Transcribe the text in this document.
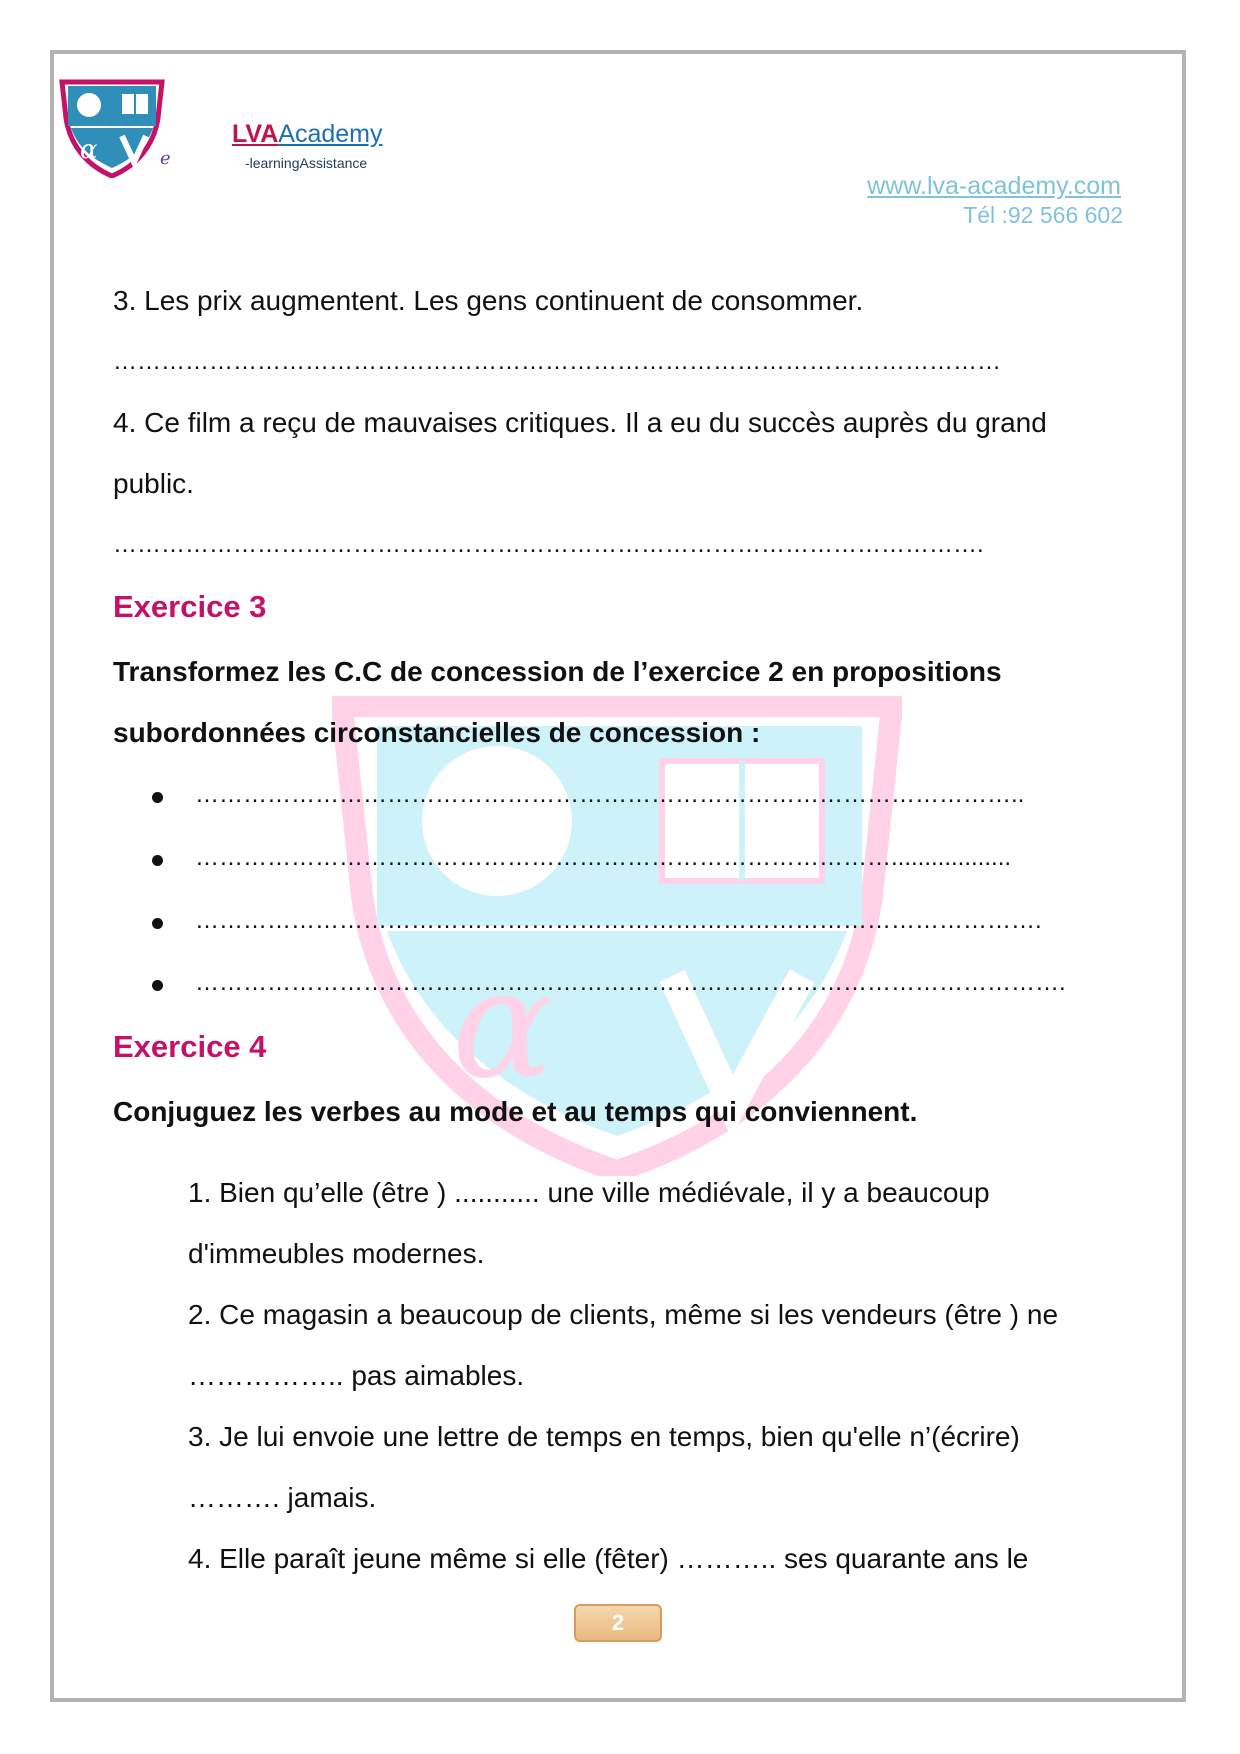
α	e
LVAAcademy
-learningAssistance
www.lva-academy.com
Tél :92 566 602
α
3. Les prix augmentent. Les gens continuent de consommer.
…………………………………………………………………………………………………
4. Ce film a reçu de mauvaises critiques. Il a eu du succès auprès du grand
public.
……………………………………………………………………………………………….
Exercice 3
Transformez les C.C de concession de l’exercice 2 en propositions
subordonnées circonstancielles de concession :
…………………………………………………………………………………………..
……………………………………………………………………………..................
…………………………………………………………………………………………….
……………………………………………………………………………………………….
Exercice 4
Conjuguez les verbes au mode et au temps qui conviennent.
1. Bien qu’elle (être ) ........... une ville médiévale, il y a beaucoup
d'immeubles modernes.
2. Ce magasin a beaucoup de clients, même si les vendeurs (être ) ne
…………….. pas aimables.
3. Je lui envoie une lettre de temps en temps, bien qu'elle n’(écrire)
………. jamais.
4. Elle paraît jeune même si elle (fêter) ……….. ses quarante ans le
2
